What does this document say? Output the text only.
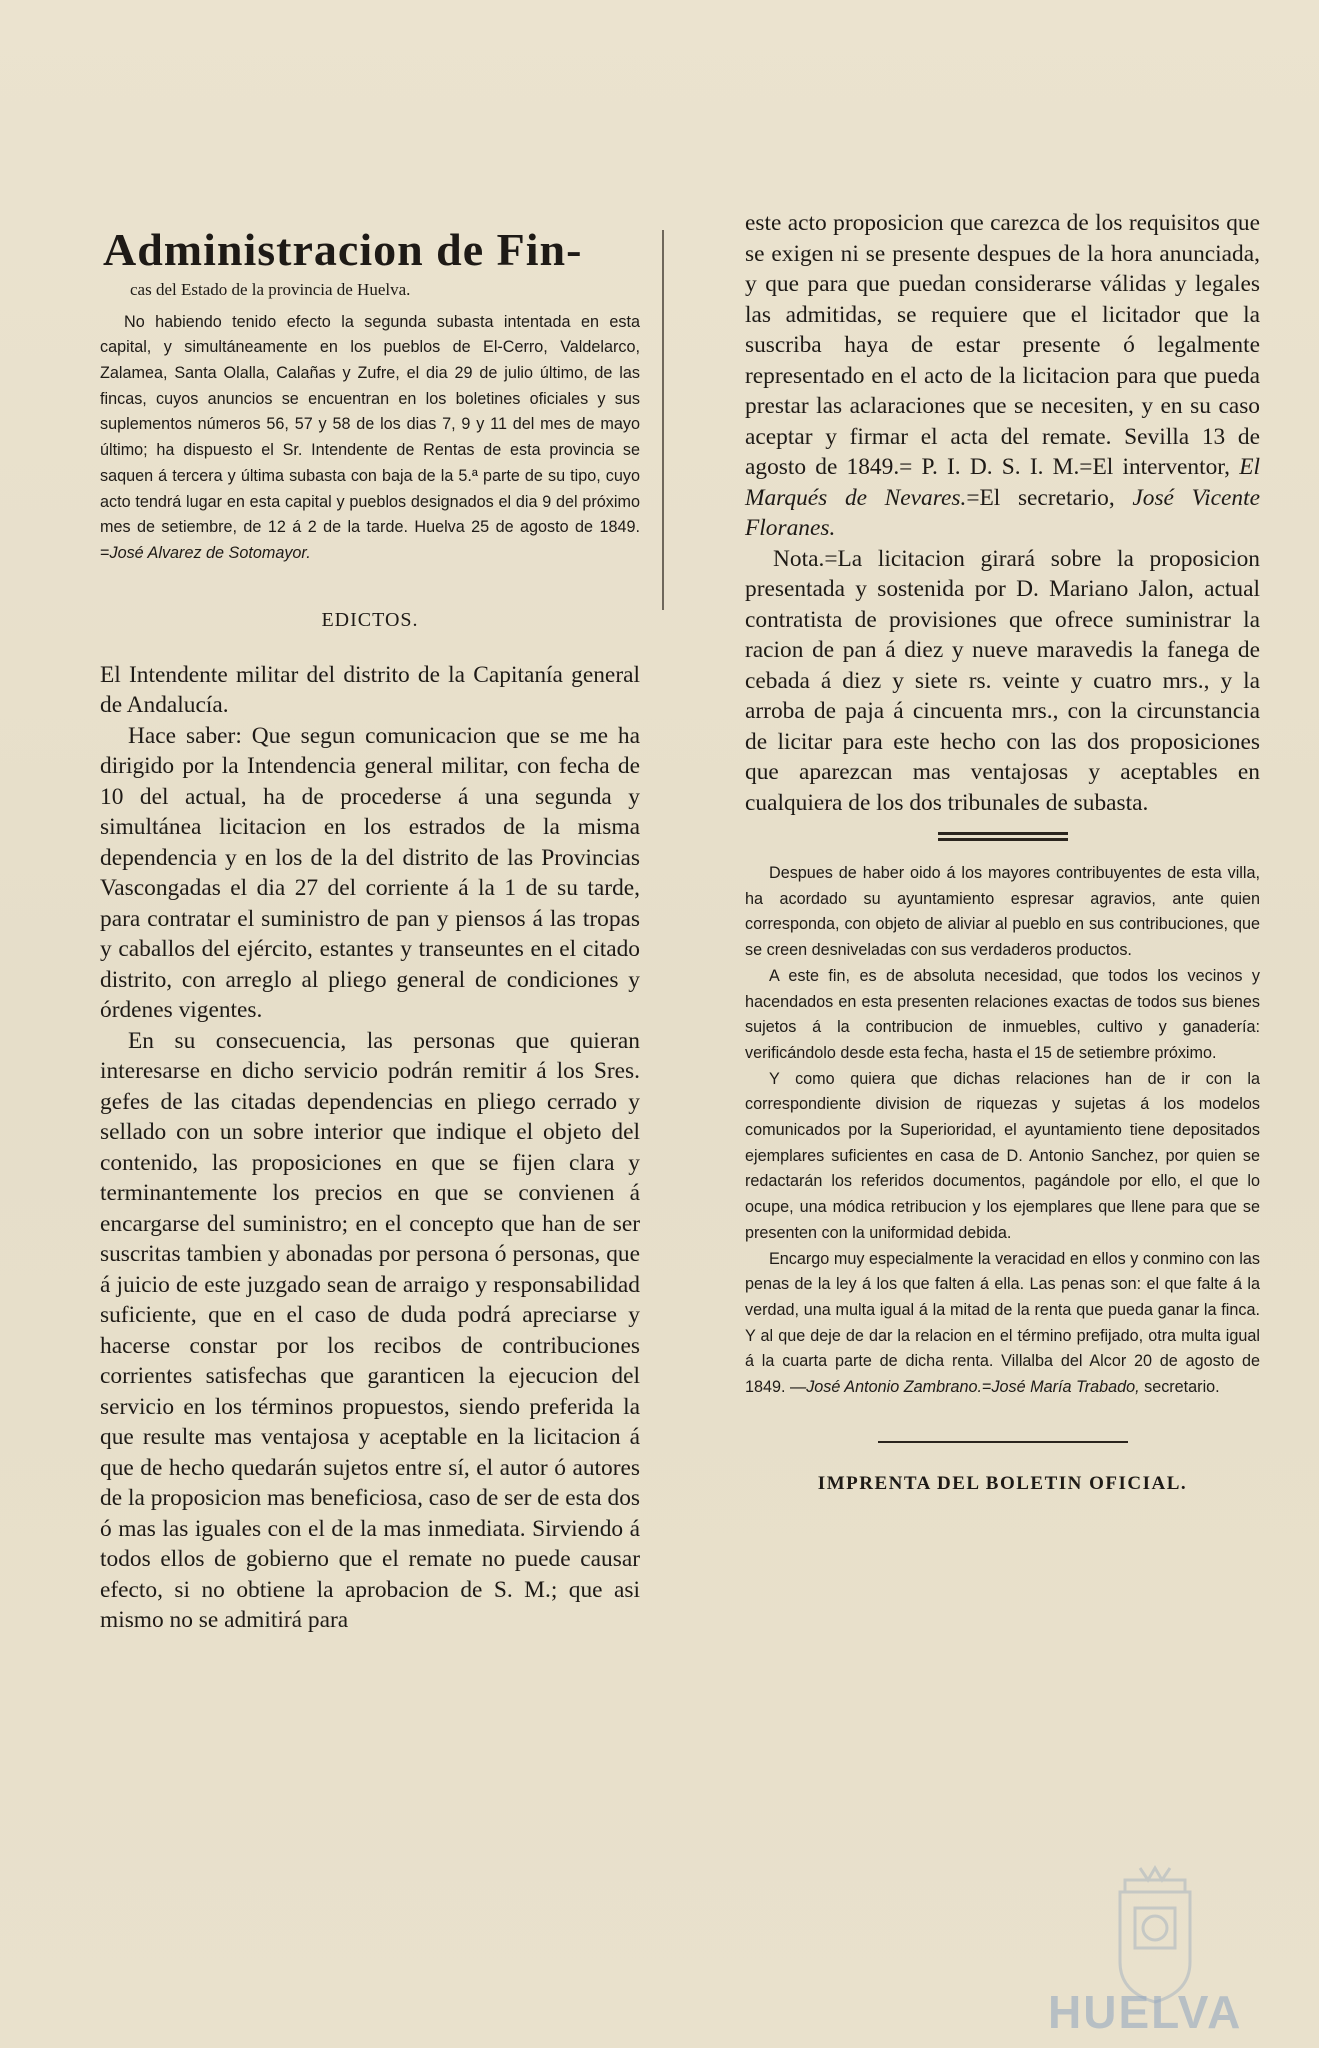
Administracion de Fin-
cas del Estado de la provincia de Huelva.

No habiendo tenido efecto la segunda subasta intentada en esta capital, y simultáneamente en los pueblos de El-Cerro, Valdelarco, Zalamea, Santa Olalla, Calañas y Zufre, el dia 29 de julio último, de las fincas, cuyos anuncios se encuentran en los boletines oficiales y sus suplementos números 56, 57 y 58 de los dias 7, 9 y 11 del mes de mayo último; ha dispuesto el Sr. Intendente de Rentas de esta provincia se saquen á tercera y última subasta con baja de la 5.ª parte de su tipo, cuyo acto tendrá lugar en esta capital y pueblos designados el dia 9 del próximo mes de setiembre, de 12 á 2 de la tarde. Huelva 25 de agosto de 1849. =José Alvarez de Sotomayor.

EDICTOS.

El Intendente militar del distrito de la Capitanía general de Andalucía.

Hace saber: Que segun comunicacion que se me ha dirigido por la Intendencia general militar, con fecha de 10 del actual, ha de procederse á una segunda y simultánea licitacion en los estrados de la misma dependencia y en los de la del distrito de las Provincias Vascongadas el dia 27 del corriente á la 1 de su tarde, para contratar el suministro de pan y piensos á las tropas y caballos del ejército, estantes y transeuntes en el citado distrito, con arreglo al pliego general de condiciones y órdenes vigentes.

En su consecuencia, las personas que quieran interesarse en dicho servicio podrán remitir á los Sres. gefes de las citadas dependencias en pliego cerrado y sellado con un sobre interior que indique el objeto del contenido, las proposiciones en que se fijen clara y terminantemente los precios en que se convienen á encargarse del suministro; en el concepto que han de ser suscritas tambien y abonadas por persona ó personas, que á juicio de este juzgado sean de arraigo y responsabilidad suficiente, que en el caso de duda podrá apreciarse y hacerse constar por los recibos de contribuciones corrientes satisfechas que garanticen la ejecucion del servicio en los términos propuestos, siendo preferida la que resulte mas ventajosa y aceptable en la licitacion á que de hecho quedarán sujetos entre sí, el autor ó autores de la proposicion mas beneficiosa, caso de ser de esta dos ó mas las iguales con el de la mas inmediata. Sirviendo á todos ellos de gobierno que el remate no puede causar efecto, si no obtiene la aprobacion de S. M.; que asi mismo no se admitirá para

este acto proposicion que carezca de los requisitos que se exigen ni se presente despues de la hora anunciada, y que para que puedan considerarse válidas y legales las admitidas, se requiere que el licitador que la suscriba haya de estar presente ó legalmente representado en el acto de la licitacion para que pueda prestar las aclaraciones que se necesiten, y en su caso aceptar y firmar el acta del remate. Sevilla 13 de agosto de 1849.= P. I. D. S. I. M.=El interventor, El Marqués de Nevares.=El secretario, José Vicente Floranes.

Nota.=La licitacion girará sobre la proposicion presentada y sostenida por D. Mariano Jalon, actual contratista de provisiones que ofrece suministrar la racion de pan á diez y nueve maravedis la fanega de cebada á diez y siete rs. veinte y cuatro mrs., y la arroba de paja á cincuenta mrs., con la circunstancia de licitar para este hecho con las dos proposiciones que aparezcan mas ventajosas y aceptables en cualquiera de los dos tribunales de subasta.

Despues de haber oido á los mayores contribuyentes de esta villa, ha acordado su ayuntamiento espresar agravios, ante quien corresponda, con objeto de aliviar al pueblo en sus contribuciones, que se creen desniveladas con sus verdaderos productos.

A este fin, es de absoluta necesidad, que todos los vecinos y hacendados en esta presenten relaciones exactas de todos sus bienes sujetos á la contribucion de inmuebles, cultivo y ganadería: verificándolo desde esta fecha, hasta el 15 de setiembre próximo.

Y como quiera que dichas relaciones han de ir con la correspondiente division de riquezas y sujetas á los modelos comunicados por la Superioridad, el ayuntamiento tiene depositados ejemplares suficientes en casa de D. Antonio Sanchez, por quien se redactarán los referidos documentos, pagándole por ello, el que lo ocupe, una módica retribucion y los ejemplares que llene para que se presenten con la uniformidad debida.

Encargo muy especialmente la veracidad en ellos y conmino con las penas de la ley á los que falten á ella. Las penas son: el que falte á la verdad, una multa igual á la mitad de la renta que pueda ganar la finca. Y al que deje de dar la relacion en el término prefijado, otra multa igual á la cuarta parte de dicha renta. Villalba del Alcor 20 de agosto de 1849. —José Antonio Zambrano.=José María Trabado, secretario.

IMPRENTA DEL BOLETIN OFICIAL.
HUELVA
